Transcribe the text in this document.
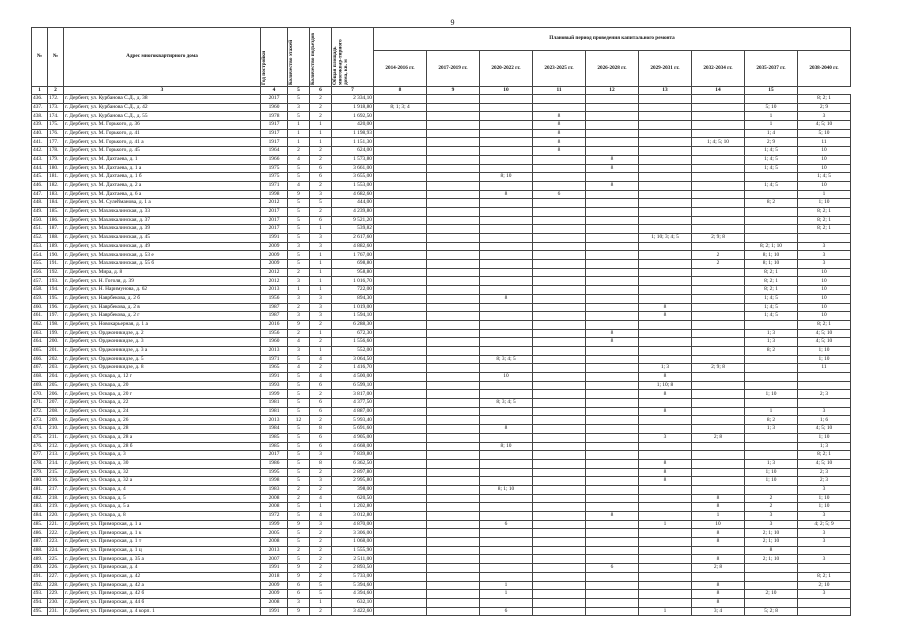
9
№	№	Адрес многоквартирного дома	Год постройки	Количество этажей	Количество подъездов	Общая площадь многоквар-тирного дома, кв. м	Плановый период проведения капитального ремонта								
							2014-2016 гг.	2017-2019 гг.	2020-2022 гг.	2023-2025 гг.	2026-2028 гг.	2029-2031 гг.	2032-2034 гг.	2035-2037 гг.	2038-2040 гг.
1	2	3	4	5	6	7	8	9	10	11	12	13	14	15	
436.	172.	г. Дербент, ул. Курбанова С.Д., д. 38	2017	5	2	2 334,10									8; 2; 1
437.	173.	г. Дербент, ул. Курбанова С.Д., д. 42	1960	3	2	1 918,80	8; 1; 3; 4							5; 10	2; 9
438.	174.	г. Дербент, ул. Курбанова С.Д., д. 55	1978	5	2	1 692,50				8				1	3
439.	175.	г. Дербент, ул. М. Горького, д. 36	1917	1	1	420,00				8				1	4; 5; 10
440.	176.	г. Дербент, ул. М. Горького, д. 41	1917	1	1	1 198,93				8				1; 4	5; 10
441.	177.	г. Дербент, ул. М. Горького, д. 41 а	1917	1	1	1 151,30				8			1; 4; 5; 10	2; 9	11
442.	178.	г. Дербент, ул. М. Горького, д. 45	1964	2	2	624,00				8				1; 4; 5	10
443.	179.	г. Дербент, ул. М. Дахтаева, д. 1	1966	4	2	1 573,80					8			1; 4; 5	10
444.	180.	г. Дербент, ул. М. Дахтаева, д. 1 а	1975	5	6	3 661,00					8			1; 4; 5	10
445.	181.	г. Дербент, ул. М. Дахтаева, д. 1 б	1975	5	6	3 655,00			8; 10						1; 4; 5
446.	182.	г. Дербент, ул. М. Дахтаева, д. 2 а	1971	4	2	1 553,00					8			1; 4; 5	10
447.	183.	г. Дербент, ул. М. Дахтаева, д. 6 а	1998	9	3	4 682,60			8	6					1
448.	184.	г. Дербент, ул. М. Сулейманова, д. 1 а	2012	5	5	444,00								8; 2	1; 10
449.	185.	г. Дербент, ул. Махачкалинская, д. 33	2017	5	2	4 239,80									8; 2; 1
450.	186.	г. Дербент, ул. Махачкалинская, д. 37	2017	5	6	9 521,20									8; 2; 1
451.	187.	г. Дербент, ул. Махачкалинская, д. 39	2017	5	1	539,82									8; 2; 1
452.	188.	г. Дербент, ул. Махачкалинская, д. 45	1991	5	3	2 617,60						1; 10; 3; 4; 5	2; 9; 8		
453.	189.	г. Дербент, ул. Махачкалинская, д. 49	2009	3	3	4 882,60								8; 2; 1; 10	3
454.	190.	г. Дербент, ул. Махачкалинская, д. 53 е	2009	5	1	1 767,00							2	8; 1; 10	3
455.	191.	г. Дербент, ул. Махачкалинская, д. 55 б	2009	5	1	698,80							2	8; 1; 10	3
456.	192.	г. Дербент, ул. Мира, д. 8	2012	2	1	958,80								8; 2; 1	10
457.	193.	г. Дербент, ул. Н. Гоголя, д. 39	2012	3	1	1 016,70								8; 2; 1	10
458.	194.	г. Дербент, ул. Н. Наримунова, д. 62	2013	1	1	722,00								8; 2; 1	10
459.	195.	г. Дербент, ул. Наврбекова, д. 2 б	1956	3	3	894,30			8					1; 4; 5	10
460.	196.	г. Дербент, ул. Наврбекова, д. 2 в	1987	2	3	1 019,00						8		1; 4; 5	10
461.	197.	г. Дербент, ул. Наврбекова, д. 2 г	1987	3	3	1 594,10						8		1; 4; 5	10
462.	198.	г. Дербент, ул. Новокарьерная, д. 1 а	2016	9	2	6 288,30									8; 2; 1
463.	199.	г. Дербент, ул. Орджоникидзе, д. 2	1956	2	1	672,30					8			1; 3	4; 5; 10
464.	200.	г. Дербент, ул. Орджоникидзе, д. 3	1960	4	2	1 556,60					8			1; 3	4; 5; 10
465.	201.	г. Дербент, ул. Орджоникидзе, д. 3 а	2013	3	1	552,00								8; 2	1; 10
466.	202.	г. Дербент, ул. Орджоникидзе, д. 5	1971	5	4	3 064,50			8; 3; 4; 5						1; 10
467.	203.	г. Дербент, ул. Орджоникидзе, д. 8	1965	4	2	1 416,70						1; 3	2; 9; 8		11
468.	204.	г. Дербент, ул. Оскара, д. 12 г	1991	5	4	4 500,00			10			8			
469.	205.	г. Дербент, ул. Оскара, д. 20	1993	5	6	6 599,10						1; 10; 8			
470.	206.	г. Дербент, ул. Оскара, д. 20 г	1999	5	2	3 817,00						8		1; 10	2; 3
471.	207.	г. Дербент, ул. Оскара, д. 22	1981	5	6	4 377,50			8; 3; 4; 5						
472.	208.	г. Дербент, ул. Оскара, д. 24	1981	5	6	4 887,00						8		1	3
473.	209.	г. Дербент, ул. Оскара, д. 26	2013	12	2	5 993,40								8; 2	1; 6
474.	210.	г. Дербент, ул. Оскара, д. 28	1984	5	8	5 691,60			8					1; 3	4; 5; 10
475.	211.	г. Дербент, ул. Оскара, д. 28 а	1985	5	6	4 905,00						3	2; 8		1; 10
476.	212.	г. Дербент, ул. Оскара, д. 28 б	1985	5	6	4 668,00			8; 10						1; 3
477.	213.	г. Дербент, ул. Оскара, д. 3	2017	5	3	7 839,80									8; 2; 1
478.	214.	г. Дербент, ул. Оскара, д. 30	1986	5	8	6 362,50						8		1; 3	4; 5; 10
479.	215.	г. Дербент, ул. Оскара, д. 32	1995	5	2	2 897,80						8		1; 10	2; 3
480.	216.	г. Дербент, ул. Оскара, д. 32 а	1998	5	3	2 995,80						8		1; 10	2; 3
481.	217.	г. Дербент, ул. Оскара, д. 4	1983	2	2	398,00			8; 1; 10						3
482.	218.	г. Дербент, ул. Оскара, д. 5	2008	2	4	620,50							8	2	1; 10
483.	219.	г. Дербент, ул. Оскара, д. 5 а	2008	5	1	1 202,80							8	2	1; 10
484.	220.	г. Дербент, ул. Оскара, д. 8	1972	5	4	3 012,80					8		1	3	3
485.	221.	г. Дербент, ул. Приморская, д. 1 а	1999	9	3	4 870,00			6			1	10	3	4; 2; 5; 9
486.	222.	г. Дербент, ул. Приморская, д. 1 к	2005	5	2	3 306,00							8	2; 1; 10	3
487.	223.	г. Дербент, ул. Приморская, д. 1 т	2008	5	2	1 068,00							8	2; 1; 10	3
488.	224.	г. Дербент, ул. Приморская, д. 1 ц	2013	2	2	1 555,90								8	
489.	225.	г. Дербент, ул. Приморская, д. 35 а	2007	5	2	2 511,00							8	2; 1; 10	3
490.	226.	г. Дербент, ул. Приморская, д. 4	1991	9	2	2 893,50					6		2; 8		
491.	227.	г. Дербент, ул. Приморская, д. 42	2018	9	2	5 733,00									8; 2; 1
492.	228.	г. Дербент, ул. Приморская, д. 42 а	2009	6	5	5 394,60			1				8		2; 10
493.	229.	г. Дербент, ул. Приморская, д. 42 б	2009	6	5	4 394,60			1				8	2; 10	3
494.	230.	г. Дербент, ул. Приморская, д. 44 б	2008	3	1	632,10							8		
495.	231.	г. Дербент, ул. Приморская, д. 4 корп. 1	1991	9	2	3 422,60			6			1	3; 4	5; 2; 8	
